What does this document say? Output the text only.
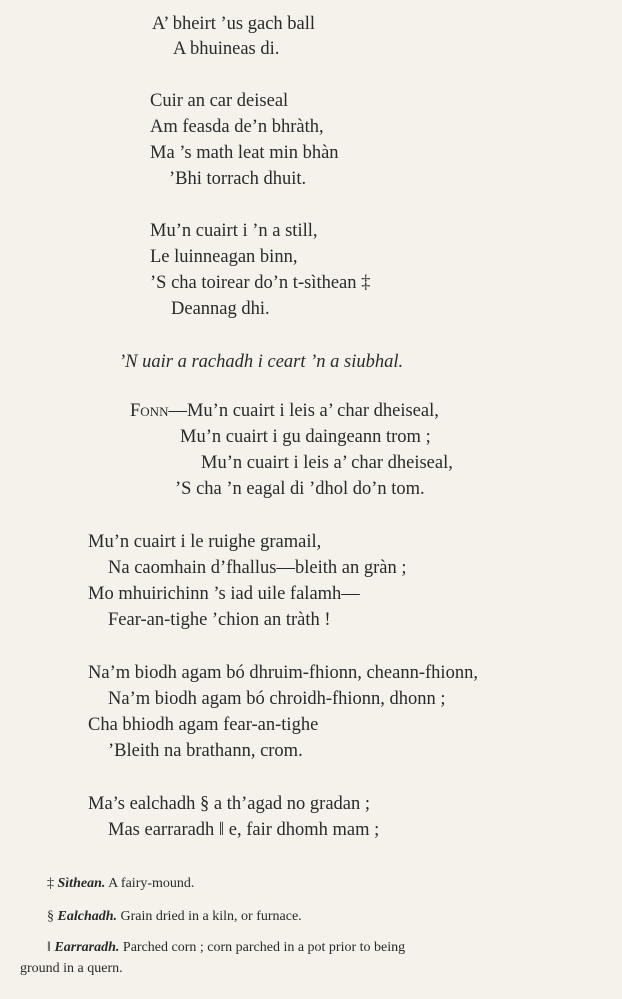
A’ bheirt ’us gach ball
A bhuineas di.
Cuir an car deiseal
Am feasda de’n bhràth,
Ma ’s math leat min bhàn
’Bhi torrach dhuit.
Mu’n cuairt i ’n a still,
Le luinneagan binn,
’S cha toirear do’n t-sìthean ‡
Deannag dhi.
’N uair a rachadh i ceart ’n a siubhal.
Fonn—Mu’n cuairt i leis a’ char dheiseal,
Mu’n cuairt i gu daingeann trom ;
Mu’n cuairt i leis a’ char dheiseal,
’S cha ’n eagal di ’dhol do’n tom.
Mu’n cuairt i le ruighe gramail,
Na caomhain d’fhallus—bleith an gràn ;
Mo mhuirichinn ’s iad uile falamh—
Fear-an-tighe ’chion an tràth !
Na’m biodh agam bó dhruim-fhionn, cheann-fhionn,
Na’m biodh agam bó chroidh-fhionn, dhonn ;
Cha bhiodh agam fear-an-tighe
’Bleith na brathann, crom.
Ma’s ealchadh § a th’agad no gradan ;
Mas earraradh ‖ e, fair dhomh mam ;
‡ Sìthean. A fairy-mound.
§ Ealchadh. Grain dried in a kiln, or furnace.
‖ Earraradh. Parched corn ; corn parched in a pot prior to being
ground in a quern.
